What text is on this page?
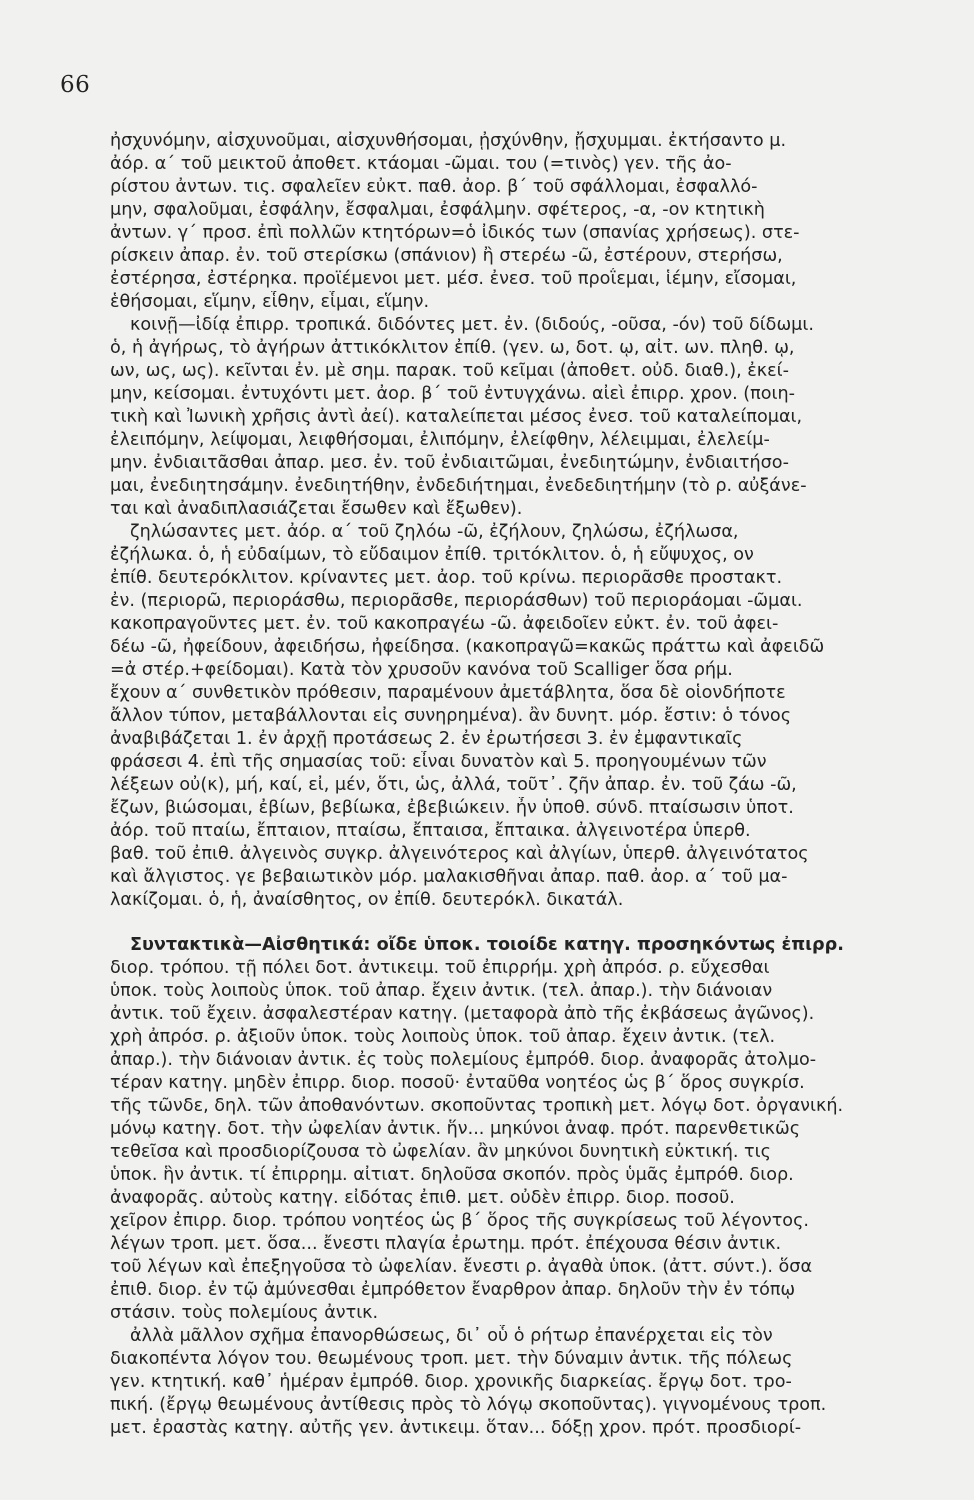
66
ἠσχυνόμην, αἰσχυνοῦμαι, αἰσχυνθήσομαι, ᾐσχύνθην, ᾔσχυμμαι. ἐκτήσαντο μ.
ἀόρ. α΄ τοῦ μεικτοῦ ἀποθετ. κτάομαι -ῶμαι. του (=τινὸς) γεν. τῆς ἀο-
ρίστου ἀντων. τις. σφαλεῖεν εὐκτ. παθ. ἀορ. β΄ τοῦ σφάλλομαι, ἐσφαλλό-
μην, σφαλοῦμαι, ἐσφάλην, ἔσφαλμαι, ἐσφάλμην. σφέτερος, -α, -ον κτητικὴ
ἀντων. γ΄ προσ. ἐπὶ πολλῶν κτητόρων=ὁ ἰδικός των (σπανίας χρήσεως). στε-
ρίσκειν ἀπαρ. ἐν. τοῦ στερίσκω (σπάνιον) ἢ στερέω -ῶ, ἐστέρουν, στερήσω,
ἐστέρησα, ἐστέρηκα. προϊέμενοι μετ. μέσ. ἐνεσ. τοῦ προΐεμαι, ἱέμην, εἴσομαι,
ἑθήσομαι, εἵμην, εἷθην, εἷμαι, εἵμην.
κοινῇ—ἰδίᾳ ἐπιρρ. τροπικά. διδόντες μετ. ἐν. (διδούς, -οῦσα, -όν) τοῦ δίδωμι.
ὁ, ἡ ἀγήρως, τὸ ἀγήρων ἀττικόκλιτον ἐπίθ. (γεν. ω, δοτ. ῳ, αἰτ. ων. πληθ. ῳ,
ων, ως, ως). κεῖνται ἐν. μὲ σημ. παρακ. τοῦ κεῖμαι (ἀποθετ. οὐδ. διαθ.), ἐκεί-
μην, κείσομαι. ἐντυχόντι μετ. ἀορ. β΄ τοῦ ἐντυγχάνω. αἰεὶ ἐπιρρ. χρον. (ποιη-
τικὴ καὶ Ἰωνικὴ χρῆσις ἀντὶ ἀεί). καταλείπεται μέσος ἐνεσ. τοῦ καταλείπομαι,
ἐλειπόμην, λείψομαι, λειφθήσομαι, ἐλιπόμην, ἐλείφθην, λέλειμμαι, ἐλελείμ-
μην. ἐνδιαιτᾶσθαι ἀπαρ. μεσ. ἐν. τοῦ ἐνδιαιτῶμαι, ἐνεδιητώμην, ἐνδιαιτήσο-
μαι, ἐνεδιητησάμην. ἐνεδιητήθην, ἐνδεδιήτημαι, ἐνεδεδιητήμην (τὸ ρ. αὐξάνε-
ται καὶ ἀναδιπλασιάζεται ἔσωθεν καὶ ἔξωθεν).
ζηλώσαντες μετ. ἀόρ. α΄ τοῦ ζηλόω -ῶ, ἐζήλουν, ζηλώσω, ἐζήλωσα,
ἐζήλωκα. ὁ, ἡ εὐδαίμων, τὸ εὔδαιμον ἐπίθ. τριτόκλιτον. ὁ, ἡ εὔψυχος, ον
ἐπίθ. δευτερόκλιτον. κρίναντες μετ. ἀορ. τοῦ κρίνω. περιορᾶσθε προστακτ.
ἐν. (περιορῶ, περιοράσθω, περιορᾶσθε, περιοράσθων) τοῦ περιοράομαι -ῶμαι.
κακοπραγοῦντες μετ. ἐν. τοῦ κακοπραγέω -ῶ. ἀφειδοῖεν εὐκτ. ἐν. τοῦ ἀφει-
δέω -ῶ, ἠφείδουν, ἀφειδήσω, ἠφείδησα. (κακοπραγῶ=κακῶς πράττω καὶ ἀφειδῶ
=ἀ στέρ.+φείδομαι). Κατὰ τὸν χρυσοῦν κανόνα τοῦ Scalliger ὅσα ρήμ.
ἔχουν α΄ συνθετικὸν πρόθεσιν, παραμένουν ἀμετάβλητα, ὅσα δὲ οἱονδήποτε
ἄλλον τύπον, μεταβάλλονται εἰς συνηρημένα). ἂν δυνητ. μόρ. ἔστιν: ὁ τόνος
ἀναβιβάζεται 1. ἐν ἀρχῇ προτάσεως 2. ἐν ἐρωτήσεσι 3. ἐν ἐμφαντικαῖς
φράσεσι 4. ἐπὶ τῆς σημασίας τοῦ: εἶναι δυνατὸν καὶ 5. προηγουμένων τῶν
λέξεων οὐ(κ), μή, καί, εἰ, μέν, ὅτι, ὡς, ἀλλά, τοῦτ᾽. ζῆν ἀπαρ. ἐν. τοῦ ζάω -ῶ,
ἔζων, βιώσομαι, ἐβίων, βεβίωκα, ἐβεβιώκειν. ἦν ὑποθ. σύνδ. πταίσωσιν ὑποτ.
ἀόρ. τοῦ πταίω, ἔπταιον, πταίσω, ἔπταισα, ἔπταικα. ἀλγεινοτέρα ὑπερθ.
βαθ. τοῦ ἐπιθ. ἀλγεινὸς συγκρ. ἀλγεινότερος καὶ ἀλγίων, ὑπερθ. ἀλγεινότατος
καὶ ἄλγιστος. γε βεβαιωτικὸν μόρ. μαλακισθῆναι ἀπαρ. παθ. ἀορ. α΄ τοῦ μα-
λακίζομαι. ὁ, ἡ, ἀναίσθητος, ον ἐπίθ. δευτερόκλ. δικατάλ.
Συντακτικὰ—Αἰσθητικά: οἴδε ὑποκ. τοιοίδε κατηγ. προσηκόντως ἐπιρρ.
διορ. τρόπου. τῇ πόλει δοτ. ἀντικειμ. τοῦ ἐπιρρήμ. χρὴ ἀπρόσ. ρ. εὔχεσθαι
ὑποκ. τοὺς λοιποὺς ὑποκ. τοῦ ἀπαρ. ἔχειν ἀντικ. (τελ. ἀπαρ.). τὴν διάνοιαν
ἀντικ. τοῦ ἔχειν. ἀσφαλεστέραν κατηγ. (μεταφορὰ ἀπὸ τῆς ἐκβάσεως ἀγῶνος).
χρὴ ἀπρόσ. ρ. ἀξιοῦν ὑποκ. τοὺς λοιποὺς ὑποκ. τοῦ ἀπαρ. ἔχειν ἀντικ. (τελ.
ἀπαρ.). τὴν διάνοιαν ἀντικ. ἐς τοὺς πολεμίους ἐμπρόθ. διορ. ἀναφορᾶς ἀτολμο-
τέραν κατηγ. μηδὲν ἐπιρρ. διορ. ποσοῦ· ἐνταῦθα νοητέος ὡς β΄ ὅρος συγκρίσ.
τῆς τῶνδε, δηλ. τῶν ἀποθανόντων. σκοποῦντας τροπικὴ μετ. λόγῳ δοτ. ὀργανική.
μόνῳ κατηγ. δοτ. τὴν ὠφελίαν ἀντικ. ἥν... μηκύνοι ἀναφ. πρότ. παρενθετικῶς
τεθεῖσα καὶ προσδιορίζουσα τὸ ὠφελίαν. ἂν μηκύνοι δυνητικὴ εὐκτική. τις
ὑποκ. ἣν ἀντικ. τί ἐπιρρημ. αἰτιατ. δηλοῦσα σκοπόν. πρὸς ὑμᾶς ἐμπρόθ. διορ.
ἀναφορᾶς. αὐτοὺς κατηγ. εἰδότας ἐπιθ. μετ. οὐδὲν ἐπιρρ. διορ. ποσοῦ.
χεῖρον ἐπιρρ. διορ. τρόπου νοητέος ὡς β΄ ὅρος τῆς συγκρίσεως τοῦ λέγοντος.
λέγων τροπ. μετ. ὅσα... ἔνεστι πλαγία ἐρωτημ. πρότ. ἐπέχουσα θέσιν ἀντικ.
τοῦ λέγων καὶ ἐπεξηγοῦσα τὸ ὠφελίαν. ἔνεστι ρ. ἀγαθὰ ὑποκ. (ἀττ. σύντ.). ὅσα
ἐπιθ. διορ. ἐν τῷ ἀμύνεσθαι ἐμπρόθετον ἔναρθρον ἀπαρ. δηλοῦν τὴν ἐν τόπῳ
στάσιν. τοὺς πολεμίους ἀντικ.
ἀλλὰ μᾶλλον σχῆμα ἐπανορθώσεως, δι᾽ οὗ ὁ ρήτωρ ἐπανέρχεται εἰς τὸν
διακοπέντα λόγον του. θεωμένους τροπ. μετ. τὴν δύναμιν ἀντικ. τῆς πόλεως
γεν. κτητική. καθ᾽ ἡμέραν ἐμπρόθ. διορ. χρονικῆς διαρκείας. ἔργῳ δοτ. τρο-
πική. (ἔργῳ θεωμένους ἀντίθεσις πρὸς τὸ λόγῳ σκοποῦντας). γιγνομένους τροπ.
μετ. ἐραστὰς κατηγ. αὐτῆς γεν. ἀντικειμ. ὅταν... δόξῃ χρον. πρότ. προσδιορί-
